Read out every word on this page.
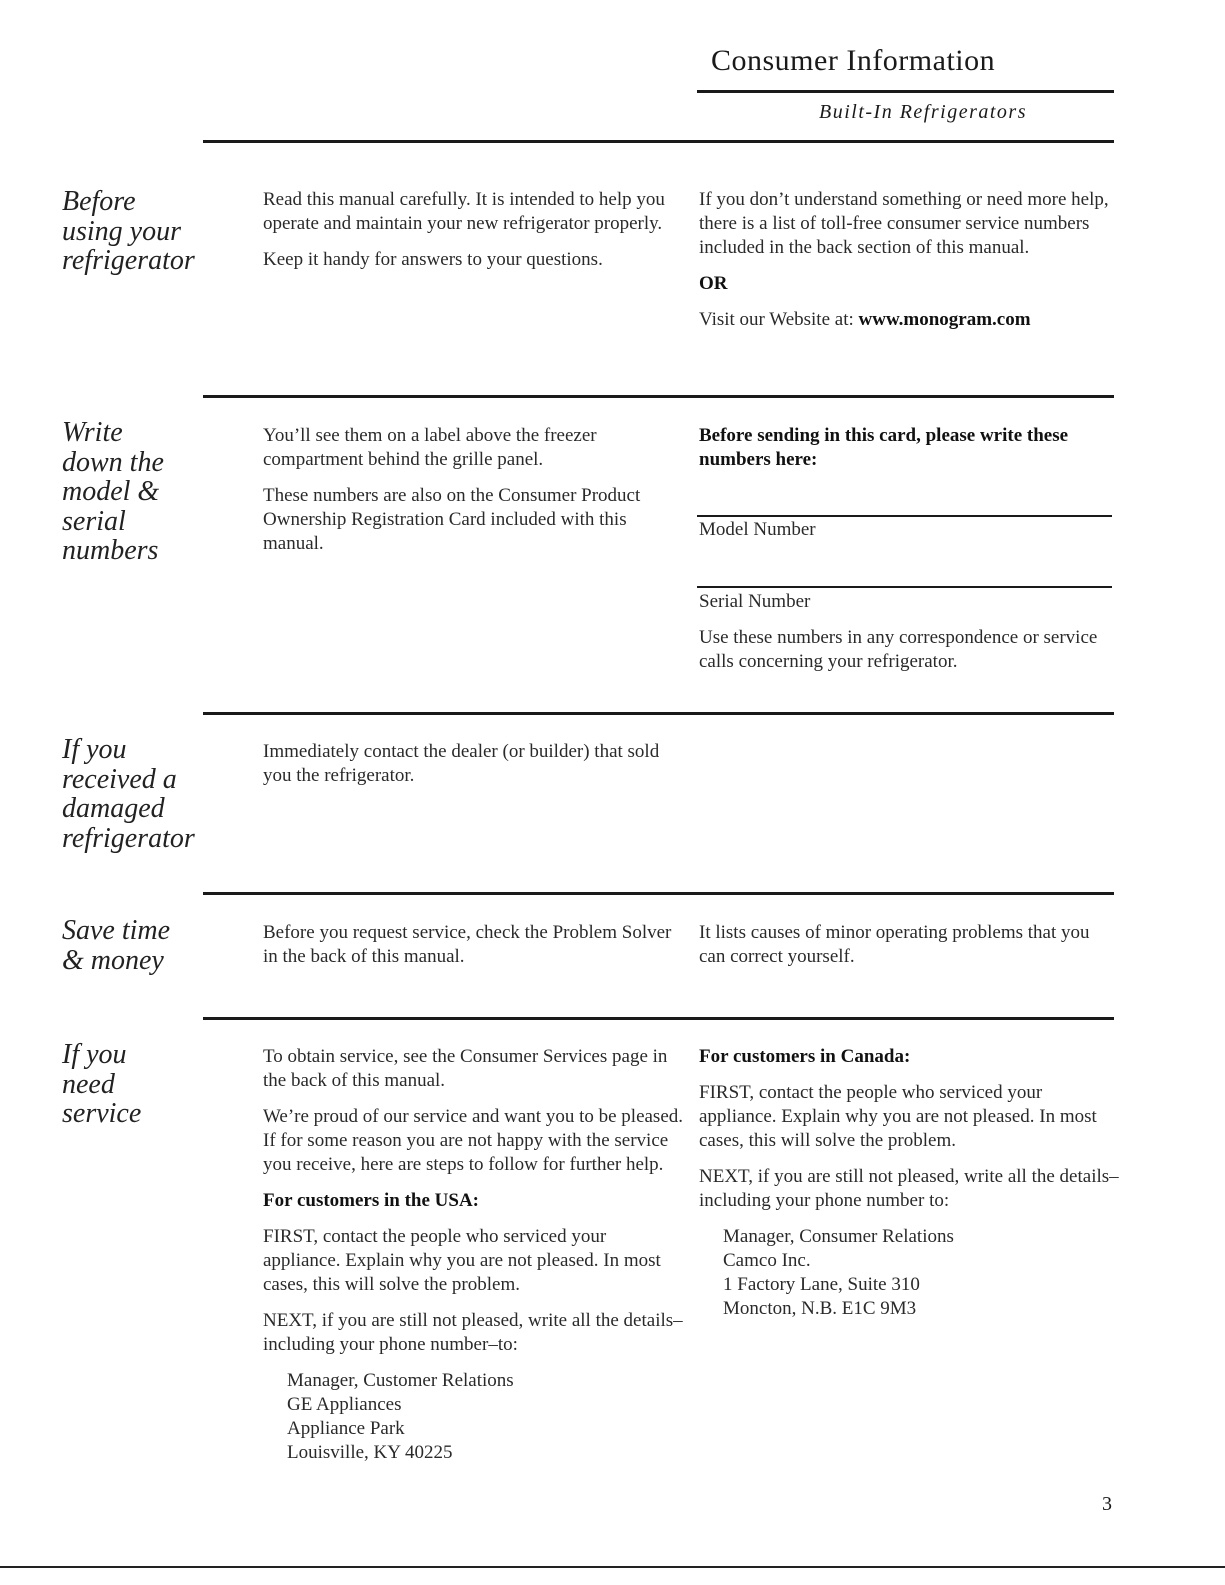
Consumer Information
Built-In Refrigerators
Before
using your
refrigerator

Read this manual carefully. It is intended to help you operate and maintain your new refrigerator properly.

Keep it handy for answers to your questions.

If you don’t understand something or need more help, there is a list of toll-free consumer service numbers included in the back section of this manual.

OR

Visit our Website at: www.monogram.com

Write
down the
model &
serial
numbers

You’ll see them on a label above the freezer compartment behind the grille panel.

These numbers are also on the Consumer Product Ownership Registration Card included with this manual.

Before sending in this card, please write these numbers here:

Model Number
Serial Number

Use these numbers in any correspondence or service calls concerning your refrigerator.

If you
received a
damaged
refrigerator

Immediately contact the dealer (or builder) that sold you the refrigerator.

Save time
& money

Before you request service, check the Problem Solver in the back of this manual.

It lists causes of minor operating problems that you can correct yourself.

If you
need
service

To obtain service, see the Consumer Services page in the back of this manual.

We’re proud of our service and want you to be pleased. If for some reason you are not happy with the service you receive, here are steps to follow for further help.

For customers in the USA:

FIRST, contact the people who serviced your appliance. Explain why you are not pleased. In most cases, this will solve the problem.

NEXT, if you are still not pleased, write all the details–including your phone number–to:

Manager, Customer Relations
GE Appliances
Appliance Park
Louisville, KY 40225

For customers in Canada:

FIRST, contact the people who serviced your appliance. Explain why you are not pleased. In most cases, this will solve the problem.

NEXT, if you are still not pleased, write all the details–including your phone number to:

Manager, Consumer Relations
Camco Inc.
1 Factory Lane, Suite 310
Moncton, N.B. E1C 9M3
3
